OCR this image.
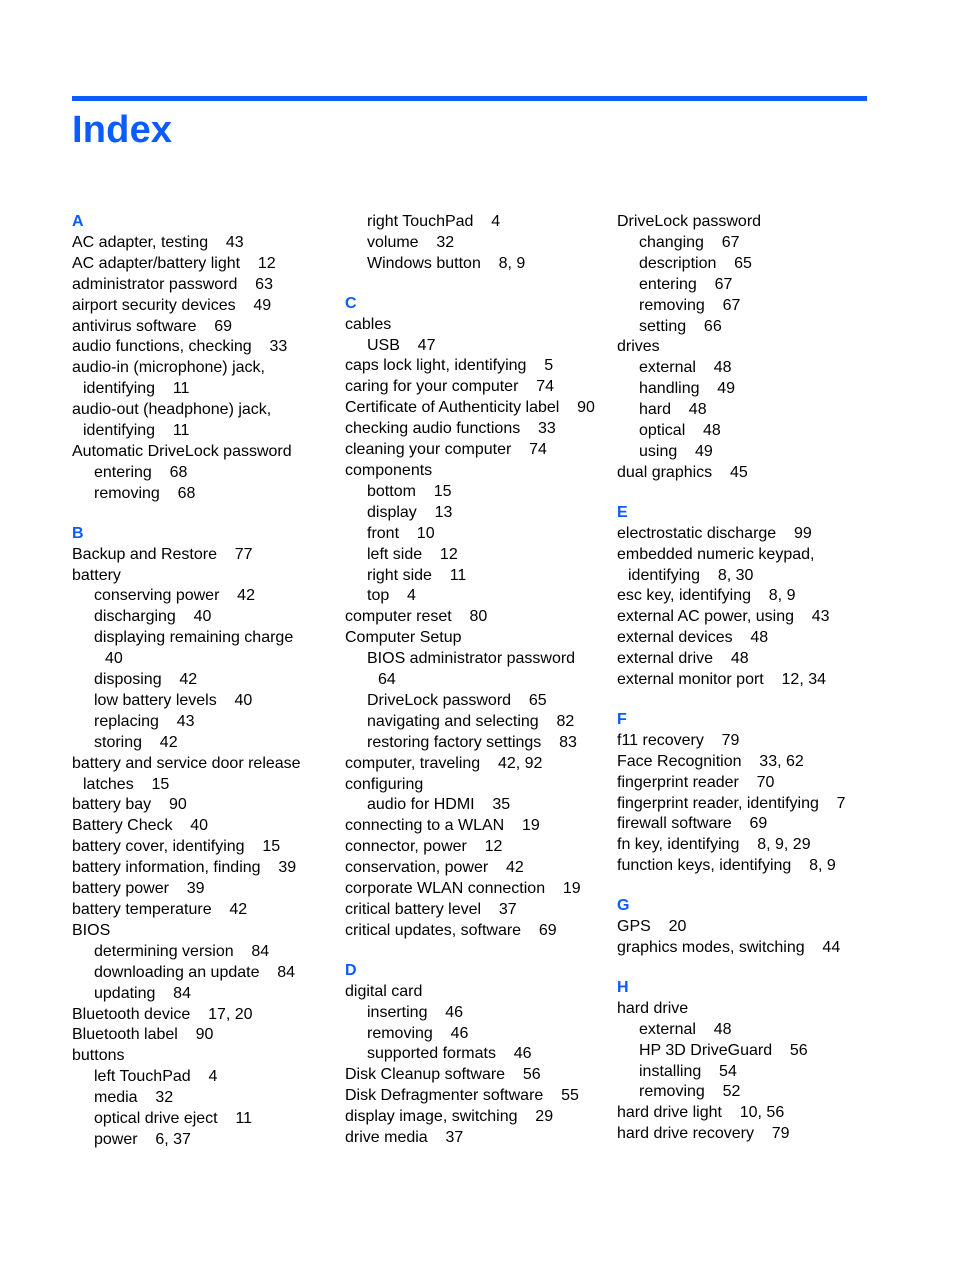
Index
A
AC adapter, testing    43
AC adapter/battery light    12
administrator password    63
airport security devices    49
antivirus software    69
audio functions, checking    33
audio-in (microphone) jack,
identifying    11
audio-out (headphone) jack,
identifying    11
Automatic DriveLock password
entering    68
removing    68
B
Backup and Restore    77
battery
conserving power    42
discharging    40
displaying remaining charge
40
disposing    42
low battery levels    40
replacing    43
storing    42
battery and service door release
latches    15
battery bay    90
Battery Check    40
battery cover, identifying    15
battery information, finding    39
battery power    39
battery temperature    42
BIOS
determining version    84
downloading an update    84
updating    84
Bluetooth device    17, 20
Bluetooth label    90
buttons
left TouchPad    4
media    32
optical drive eject    11
power    6, 37
right TouchPad    4
volume    32
Windows button    8, 9
C
cables
USB    47
caps lock light, identifying    5
caring for your computer    74
Certificate of Authenticity label    90
checking audio functions    33
cleaning your computer    74
components
bottom    15
display    13
front    10
left side    12
right side    11
top    4
computer reset    80
Computer Setup
BIOS administrator password
64
DriveLock password    65
navigating and selecting    82
restoring factory settings    83
computer, traveling    42, 92
configuring
audio for HDMI    35
connecting to a WLAN    19
connector, power    12
conservation, power    42
corporate WLAN connection    19
critical battery level    37
critical updates, software    69
D
digital card
inserting    46
removing    46
supported formats    46
Disk Cleanup software    56
Disk Defragmenter software    55
display image, switching    29
drive media    37
DriveLock password
changing    67
description    65
entering    67
removing    67
setting    66
drives
external    48
handling    49
hard    48
optical    48
using    49
dual graphics    45
E
electrostatic discharge    99
embedded numeric keypad,
identifying    8, 30
esc key, identifying    8, 9
external AC power, using    43
external devices    48
external drive    48
external monitor port    12, 34
F
f11 recovery    79
Face Recognition    33, 62
fingerprint reader    70
fingerprint reader, identifying    7
firewall software    69
fn key, identifying    8, 9, 29
function keys, identifying    8, 9
G
GPS    20
graphics modes, switching    44
H
hard drive
external    48
HP 3D DriveGuard    56
installing    54
removing    52
hard drive light    10, 56
hard drive recovery    79
